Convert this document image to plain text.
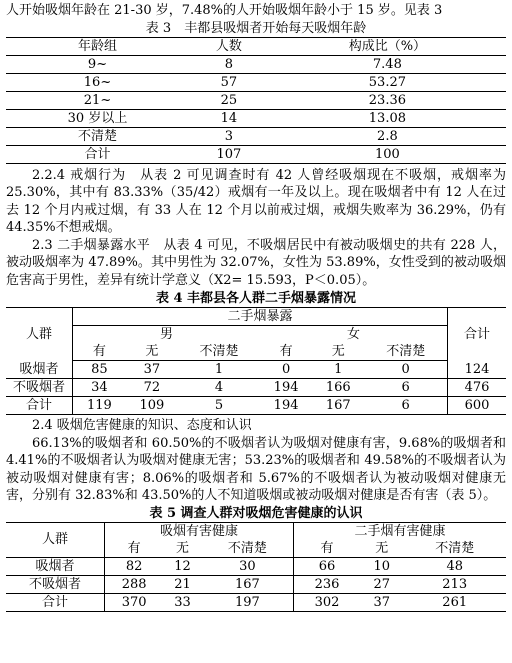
人开始吸烟年龄在 21-30 岁，7.48%的人开始吸烟年龄小于 15 岁。见表 3

表 3　丰都县吸烟者开始每天吸烟年龄
年龄组	人数	构成比（%）
9~	8	7.48
16~	57	53.27
21~	25	23.36
30 岁以上	14	13.08
不清楚	3	2.8
合计	107	100

2.2.4 戒烟行为　从表 2 可见调查时有 42 人曾经吸烟现在不吸烟，戒烟率为 25.30%，其中有 83.33%（35/42）戒烟有一年及以上。现在吸烟者中有 12 人在过去 12 个月内戒过烟，有 33 人在 12 个月以前戒过烟，戒烟失败率为 36.29%，仍有 44.35%不想戒烟。

2.3 二手烟暴露水平　从表 4 可见，不吸烟居民中有被动吸烟史的共有 228 人，被动吸烟率为 47.89%。其中男性为 32.07%，女性为 53.89%，女性受到的被动吸烟危害高于男性，差异有统计学意义（X2= 15.593，P＜0.05）。

表 4 丰都县各人群二手烟暴露情况
人群	二手烟暴露						合计
	男			女			
	有	无	不清楚	有	无	不清楚	
吸烟者	85	37	1	0	1	0	124
不吸烟者	34	72	4	194	166	6	476
合计	119	109	5	194	167	6	600

2.4 吸烟危害健康的知识、态度和认识

66.13%的吸烟者和 60.50%的不吸烟者认为吸烟对健康有害，9.68%的吸烟者和 4.41%的不吸烟者认为吸烟对健康无害；53.23%的吸烟者和 49.58%的不吸烟者认为被动吸烟对健康有害；8.06%的吸烟者和 5.67%的不吸烟者认为被动吸烟对健康无害，分别有 32.83%和 43.50%的人不知道吸烟或被动吸烟对健康是否有害（表 5）。

表 5 调查人群对吸烟危害健康的认识
人群	吸烟有害健康			二手烟有害健康		
	有	无	不清楚	有	无	不清楚
吸烟者	82	12	30	66	10	48
不吸烟者	288	21	167	236	27	213
合计	370	33	197	302	37	261
